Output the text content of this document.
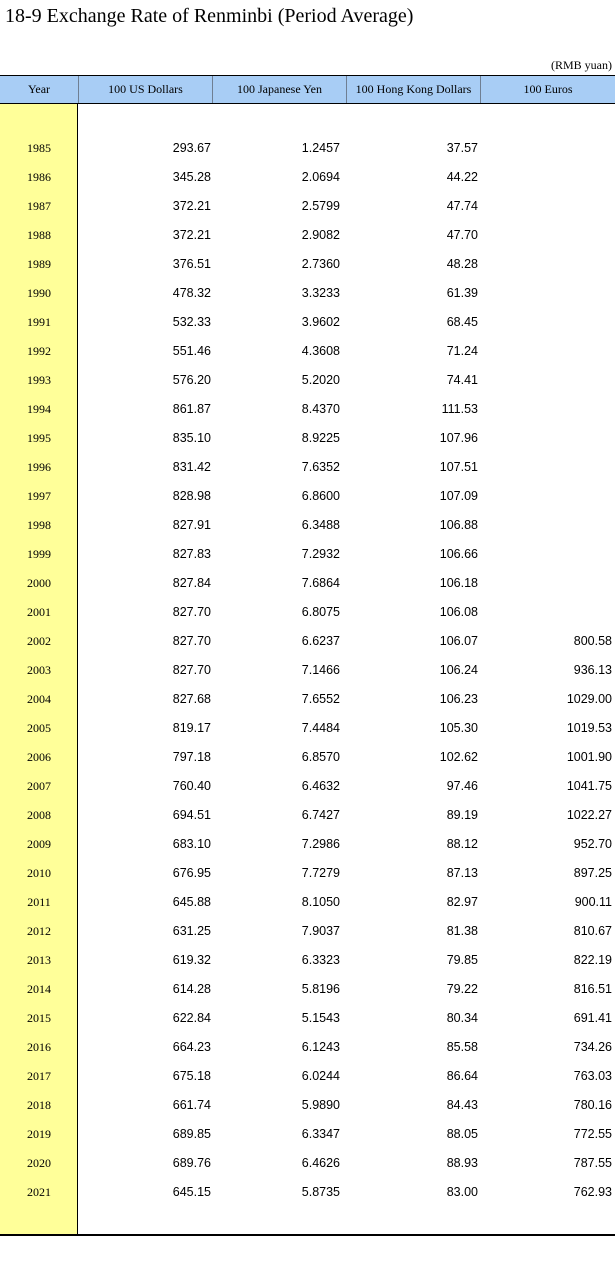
18-9 Exchange Rate of Renminbi (Period Average)
(RMB yuan)
Year	100 US Dollars	100 Japanese Yen	100 Hong Kong Dollars	100 Euros
1985	293.67	1.2457	37.57
1986	345.28	2.0694	44.22
1987	372.21	2.5799	47.74
1988	372.21	2.9082	47.70
1989	376.51	2.7360	48.28
1990	478.32	3.3233	61.39
1991	532.33	3.9602	68.45
1992	551.46	4.3608	71.24
1993	576.20	5.2020	74.41
1994	861.87	8.4370	111.53
1995	835.10	8.9225	107.96
1996	831.42	7.6352	107.51
1997	828.98	6.8600	107.09
1998	827.91	6.3488	106.88
1999	827.83	7.2932	106.66
2000	827.84	7.6864	106.18
2001	827.70	6.8075	106.08
2002	827.70	6.6237	106.07	800.58
2003	827.70	7.1466	106.24	936.13
2004	827.68	7.6552	106.23	1029.00
2005	819.17	7.4484	105.30	1019.53
2006	797.18	6.8570	102.62	1001.90
2007	760.40	6.4632	97.46	1041.75
2008	694.51	6.7427	89.19	1022.27
2009	683.10	7.2986	88.12	952.70
2010	676.95	7.7279	87.13	897.25
2011	645.88	8.1050	82.97	900.11
2012	631.25	7.9037	81.38	810.67
2013	619.32	6.3323	79.85	822.19
2014	614.28	5.8196	79.22	816.51
2015	622.84	5.1543	80.34	691.41
2016	664.23	6.1243	85.58	734.26
2017	675.18	6.0244	86.64	763.03
2018	661.74	5.9890	84.43	780.16
2019	689.85	6.3347	88.05	772.55
2020	689.76	6.4626	88.93	787.55
2021	645.15	5.8735	83.00	762.93
